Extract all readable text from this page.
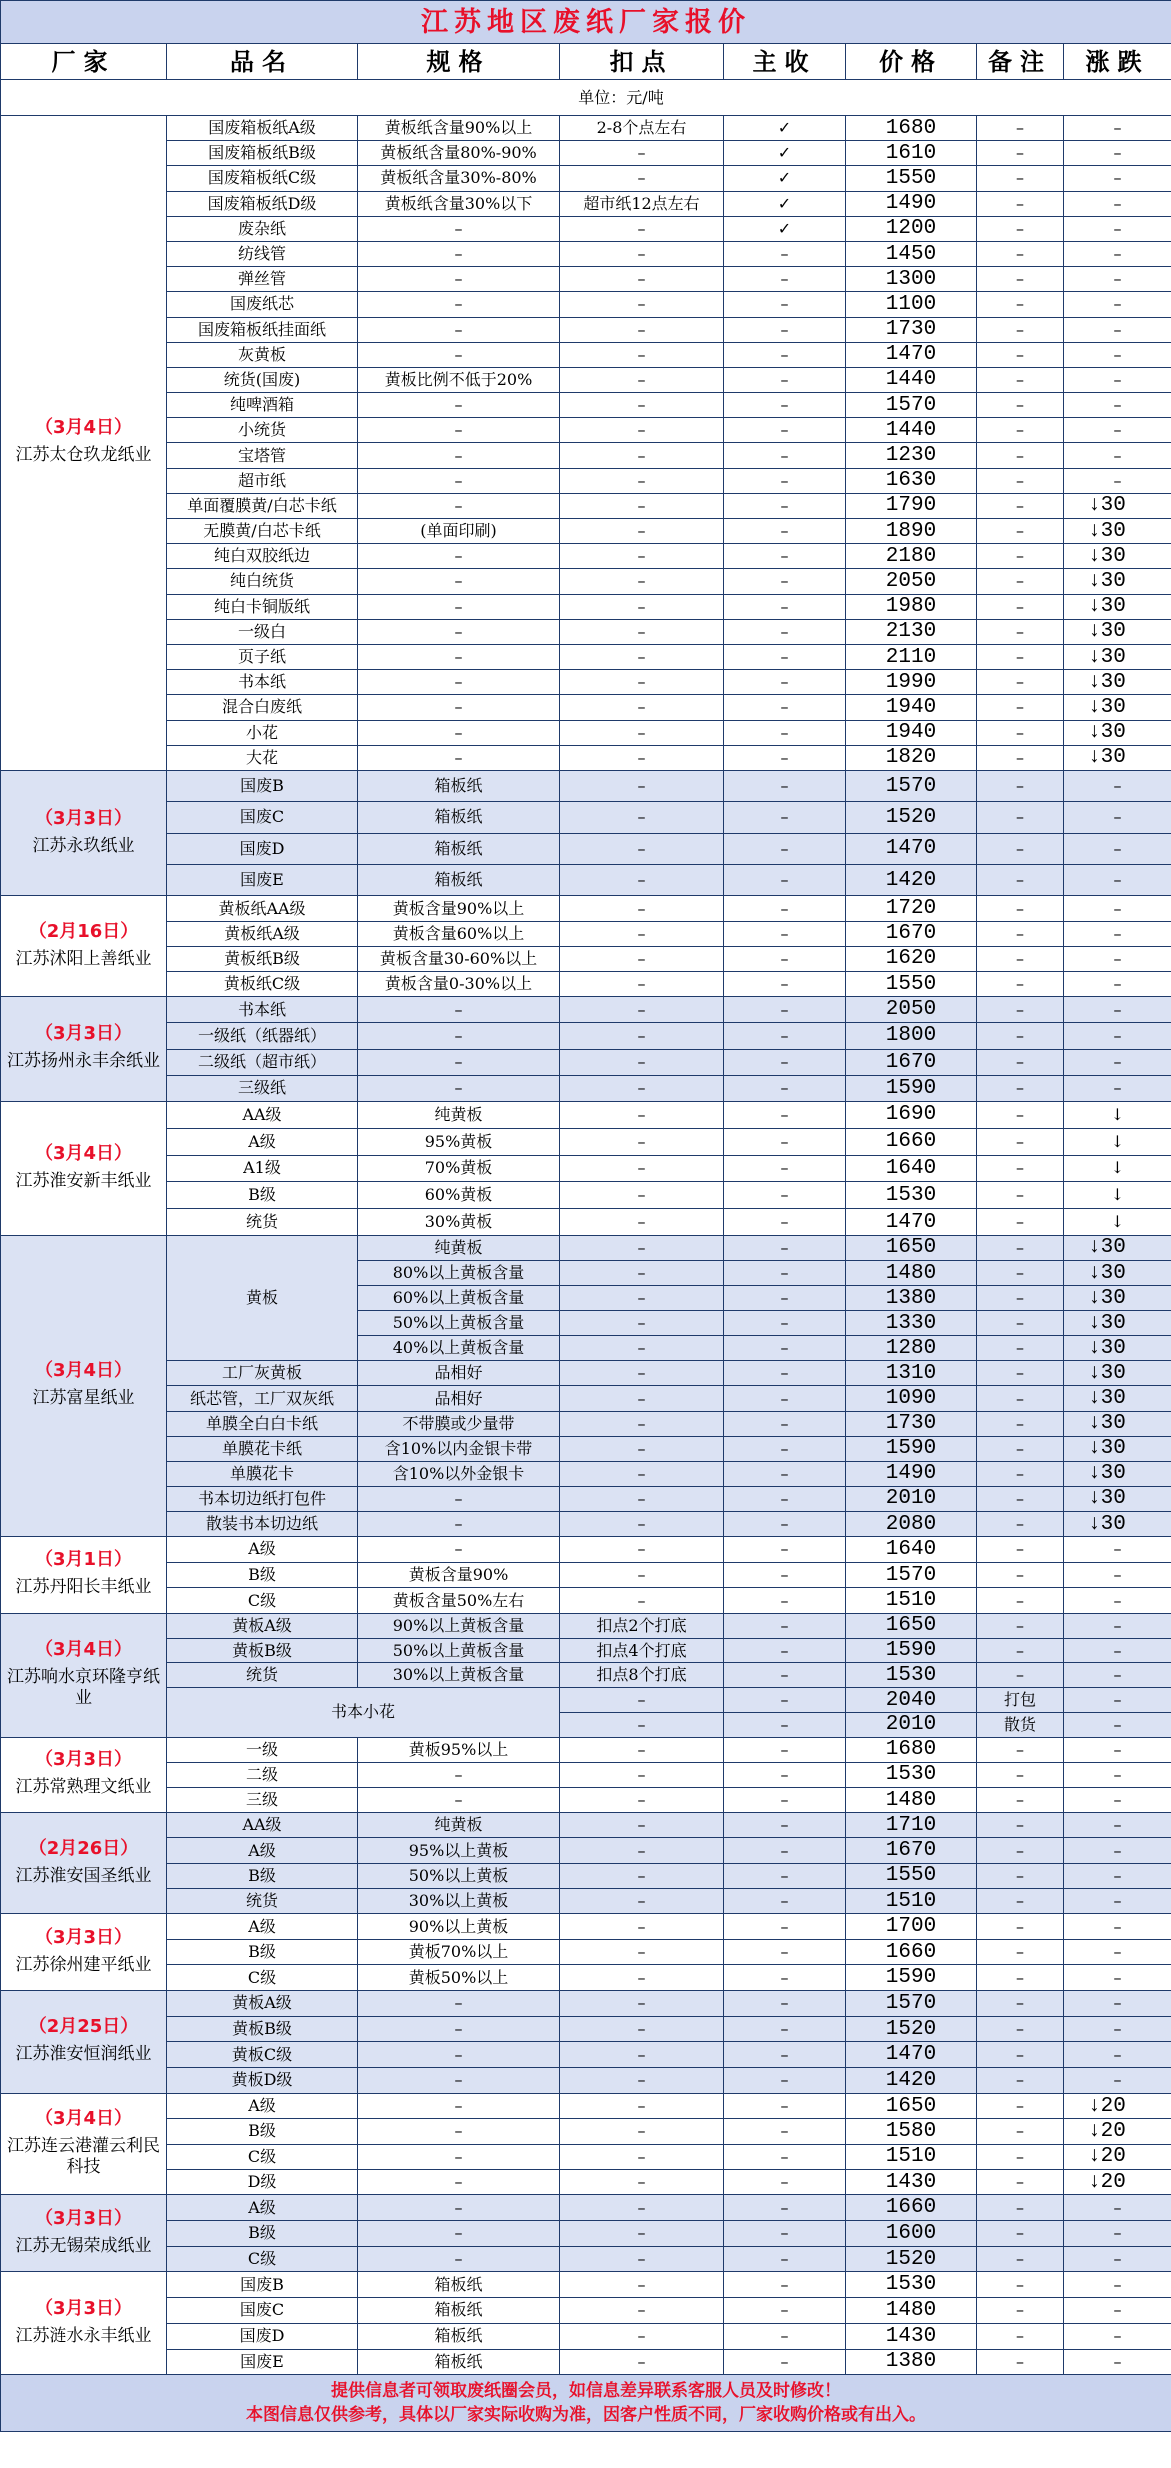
江苏地区废纸厂家报价							
厂家	品名	规格	扣点	主收	价格	备注	涨跌
单位：元/吨							

（3月4日）
江苏太仓玖龙纸业	国废箱板纸A级	黄板纸含量90%以上	2-8个点左右	✓	1680	–	–
	国废箱板纸B级	黄板纸含量80%-90%	–	✓	1610	–	–
	国废箱板纸C级	黄板纸含量30%-80%	–	✓	1550	–	–
	国废箱板纸D级	黄板纸含量30%以下	超市纸12点左右	✓	1490	–	–
	废杂纸	–	–	✓	1200	–	–
	纺线管	–	–	–	1450	–	–
	弹丝管	–	–	–	1300	–	–
	国废纸芯	–	–	–	1100	–	–
	国废箱板纸挂面纸	–	–	–	1730	–	–
	灰黄板	–	–	–	1470	–	–
	统货(国废)	黄板比例不低于20%	–	–	1440	–	–
	纯啤酒箱	–	–	–	1570	–	–
	小统货	–	–	–	1440	–	–
	宝塔管	–	–	–	1230	–	–
	超市纸	–	–	–	1630	–	–
	单面覆膜黄/白芯卡纸	–	–	–	1790	–	↓30
	无膜黄/白芯卡纸	(单面印刷)	–	–	1890	–	↓30
	纯白双胶纸边	–	–	–	2180	–	↓30
	纯白统货	–	–	–	2050	–	↓30
	纯白卡铜版纸	–	–	–	1980	–	↓30
	一级白	–	–	–	2130	–	↓30
	页子纸	–	–	–	2110	–	↓30
	书本纸	–	–	–	1990	–	↓30
	混合白废纸	–	–	–	1940	–	↓30
	小花	–	–	–	1940	–	↓30
	大花	–	–	–	1820	–	↓30

（3月3日）
江苏永玖纸业	国废B	箱板纸	–	–	1570	–	–
	国废C	箱板纸	–	–	1520	–	–
	国废D	箱板纸	–	–	1470	–	–
	国废E	箱板纸	–	–	1420	–	–

（2月16日）
江苏沭阳上善纸业	黄板纸AA级	黄板含量90%以上	–	–	1720	–	–
	黄板纸A级	黄板含量60%以上	–	–	1670	–	–
	黄板纸B级	黄板含量30-60%以上	–	–	1620	–	–
	黄板纸C级	黄板含量0-30%以上	–	–	1550	–	–

（3月3日）
江苏扬州永丰余纸业	书本纸	–	–	–	2050	–	–
	一级纸（纸器纸）	–	–	–	1800	–	–
	二级纸（超市纸）	–	–	–	1670	–	–
	三级纸	–	–	–	1590	–	–

（3月4日）
江苏淮安新丰纸业	AA级	纯黄板	–	–	1690	–	↓
	A级	95%黄板	–	–	1660	–	↓
	A1级	70%黄板	–	–	1640	–	↓
	B级	60%黄板	–	–	1530	–	↓
	统货	30%黄板	–	–	1470	–	↓

（3月4日）
江苏富星纸业	黄板	纯黄板	–	–	1650	–	↓30
		80%以上黄板含量	–	–	1480	–	↓30
		60%以上黄板含量	–	–	1380	–	↓30
		50%以上黄板含量	–	–	1330	–	↓30
		40%以上黄板含量	–	–	1280	–	↓30
	工厂灰黄板	品相好	–	–	1310	–	↓30
	纸芯管，工厂双灰纸	品相好	–	–	1090	–	↓30
	单膜全白白卡纸	不带膜或少量带	–	–	1730	–	↓30
	单膜花卡纸	含10%以内金银卡带	–	–	1590	–	↓30
	单膜花卡	含10%以外金银卡	–	–	1490	–	↓30
	书本切边纸打包件	–	–	–	2010	–	↓30
	散装书本切边纸	–	–	–	2080	–	↓30

（3月1日）
江苏丹阳长丰纸业	A级	–	–	–	1640	–	–
	B级	黄板含量90%	–	–	1570	–	–
	C级	黄板含量50%左右	–	–	1510	–	–

（3月4日）
江苏响水京环隆亨纸业	黄板A级	90%以上黄板含量	扣点2个打底	–	1650	–	–
	黄板B级	50%以上黄板含量	扣点4个打底	–	1590	–	–
	统货	30%以上黄板含量	扣点8个打底	–	1530	–	–
	书本小花		–	–	2040	打包	–
			–	–	2010	散货	–

（3月3日）
江苏常熟理文纸业	一级	黄板95%以上	–	–	1680	–	–
	二级	–	–	–	1530	–	–
	三级	–	–	–	1480	–	–

（2月26日）
江苏淮安国圣纸业	AA级	纯黄板	–	–	1710	–	–
	A级	95%以上黄板	–	–	1670	–	–
	B级	50%以上黄板	–	–	1550	–	–
	统货	30%以上黄板	–	–	1510	–	–

（3月3日）
江苏徐州建平纸业	A级	90%以上黄板	–	–	1700	–	–
	B级	黄板70%以上	–	–	1660	–	–
	C级	黄板50%以上	–	–	1590	–	–

（2月25日）
江苏淮安恒润纸业	黄板A级	–	–	–	1570	–	–
	黄板B级	–	–	–	1520	–	–
	黄板C级	–	–	–	1470	–	–
	黄板D级	–	–	–	1420	–	–

（3月4日）
江苏连云港灌云利民科技	A级	–	–	–	1650	–	↓20
	B级	–	–	–	1580	–	↓20
	C级	–	–	–	1510	–	↓20
	D级	–	–	–	1430	–	↓20

（3月3日）
江苏无锡荣成纸业	A级	–	–	–	1660	–	–
	B级	–	–	–	1600	–	–
	C级	–	–	–	1520	–	–

（3月3日）
江苏涟水永丰纸业	国废B	箱板纸	–	–	1530	–	–
	国废C	箱板纸	–	–	1480	–	–
	国废D	箱板纸	–	–	1430	–	–
	国废E	箱板纸	–	–	1380	–	–

提供信息者可领取废纸圈会员，如信息差异联系客服人员及时修改！
本图信息仅供参考，具体以厂家实际收购为准，因客户性质不同，厂家收购价格或有出入。							
